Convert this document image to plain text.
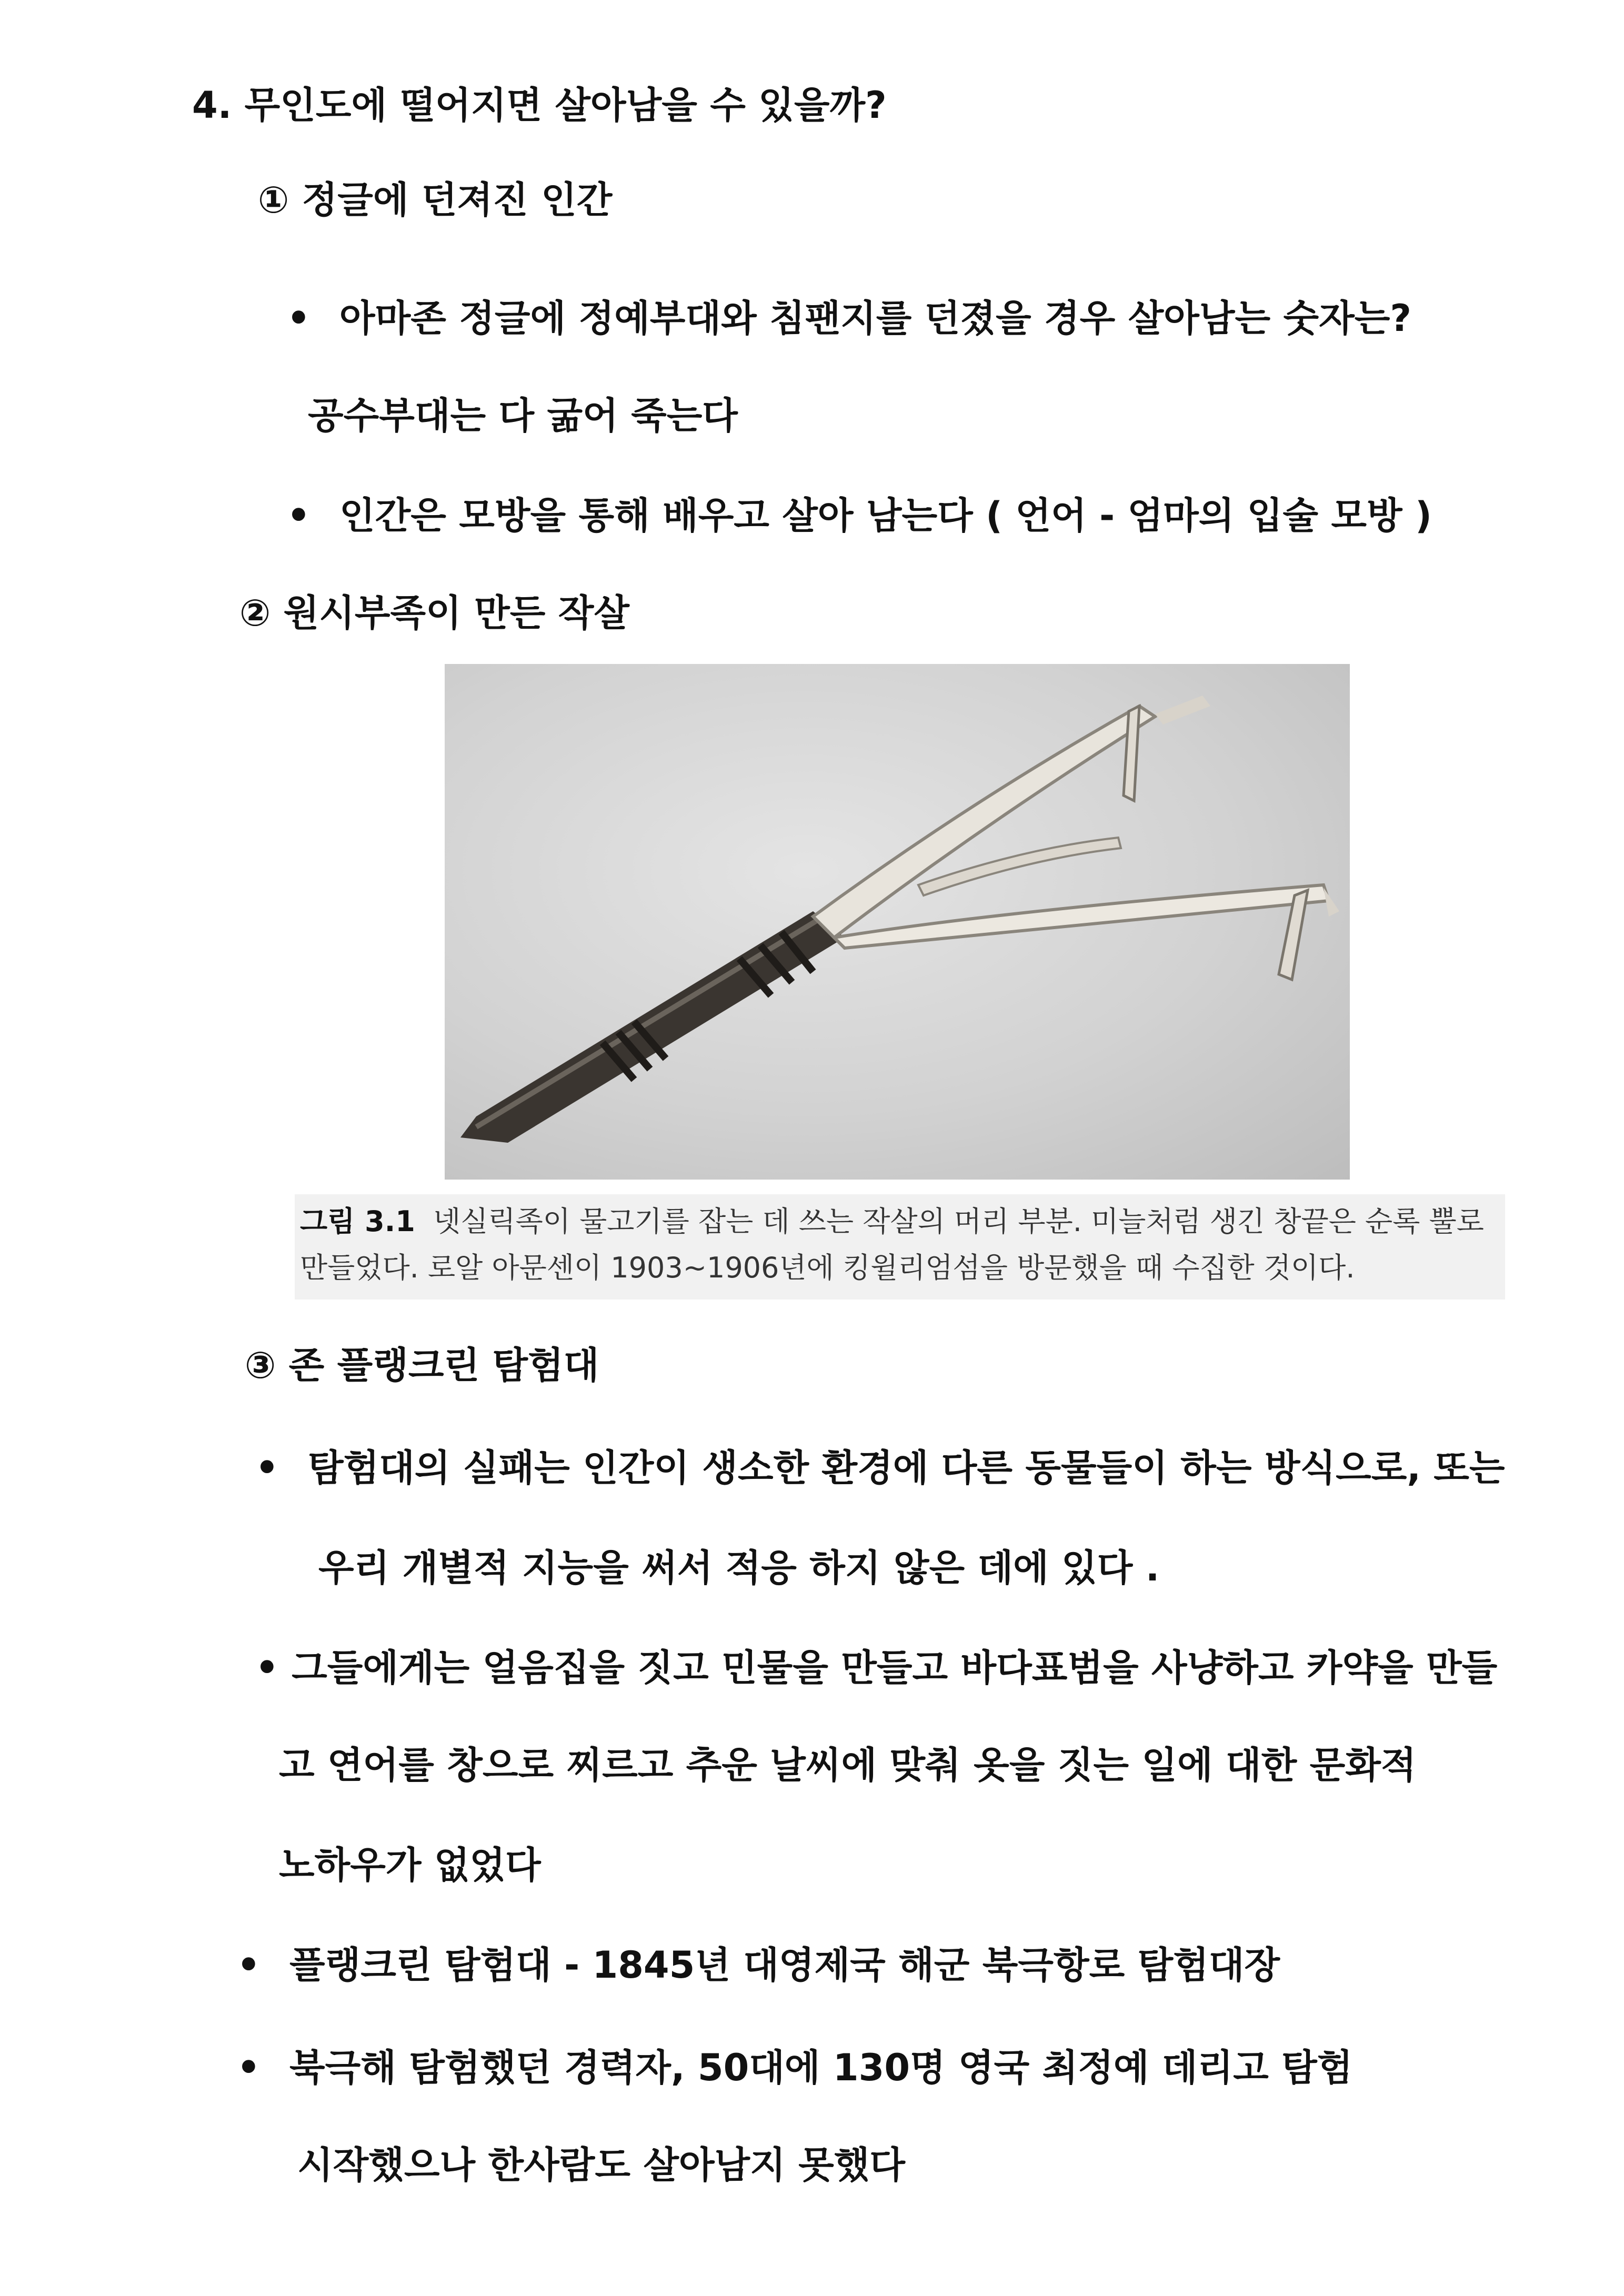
4. 무인도에 떨어지면 살아남을 수 있을까?
① 정글에 던져진 인간
• 아마존 정글에 정예부대와 침팬지를 던졌을 경우 살아남는 숫자는?
공수부대는 다 굶어 죽는다
• 인간은 모방을 통해 배우고 살아 남는다 ( 언어 - 엄마의 입술 모방 )
② 원시부족이 만든 작살
그림 3.1 넷실릭족이 물고기를 잡는 데 쓰는 작살의 머리 부분. 미늘처럼 생긴 창끝은 순록 뿔로
만들었다. 로알 아문센이 1903~1906년에 킹윌리엄섬을 방문했을 때 수집한 것이다.
③ 존 플랭크린 탐험대
• 탐험대의 실패는 인간이 생소한 환경에 다른 동물들이 하는 방식으로, 또는
우리 개별적 지능을 써서 적응 하지 않은 데에 있다 .
• 그들에게는 얼음집을 짓고 민물을 만들고 바다표범을 사냥하고 카약을 만들
고 연어를 창으로 찌르고 추운 날씨에 맞춰 옷을 짓는 일에 대한 문화적
노하우가 없었다
• 플랭크린 탐험대 - 1845년 대영제국 해군 북극항로 탐험대장
• 북극해 탐험했던 경력자, 50대에 130명 영국 최정예 데리고 탐험
시작했으나 한사람도 살아남지 못했다
